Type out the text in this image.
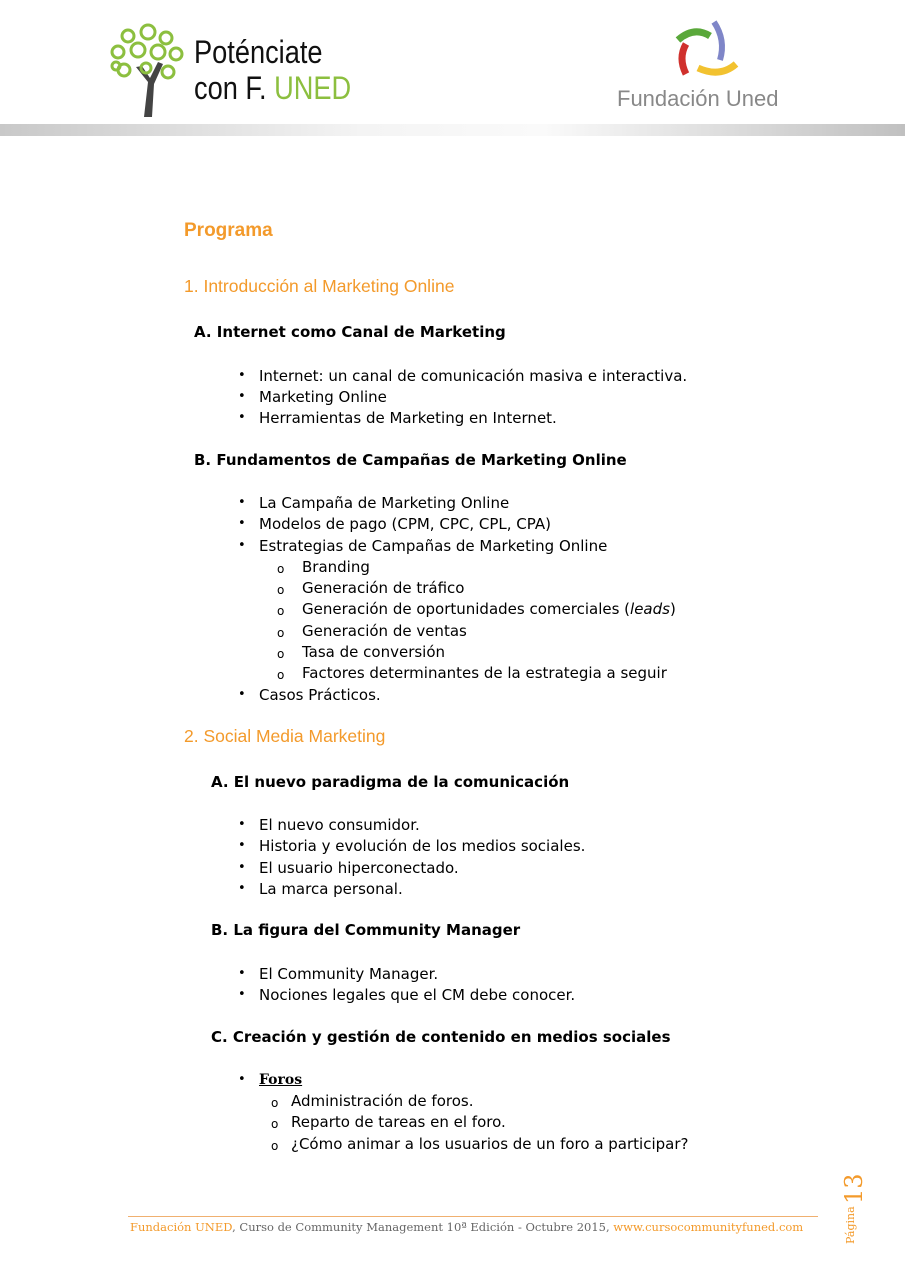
Poténciate
con F. UNED	Fundación Uned
Programa
1. Introducción al Marketing Online
A. Internet como Canal de Marketing
Internet: un canal de comunicación masiva e interactiva.
Marketing Online
Herramientas de Marketing en Internet.
B. Fundamentos de Campañas de Marketing Online
La Campaña de Marketing Online
Modelos de pago (CPM, CPC, CPL, CPA)
Estrategias de Campañas de Marketing Online
Branding
Generación de tráfico
Generación de oportunidades comerciales (leads)
Generación de ventas
Tasa de conversión
Factores determinantes de la estrategia a seguir
Casos Prácticos.
2. Social Media Marketing
A. El nuevo paradigma de la comunicación
El nuevo consumidor.
Historia y evolución de los medios sociales.
El usuario hiperconectado.
La marca personal.
B. La figura del Community Manager
El Community Manager.
Nociones legales que el CM debe conocer.
C. Creación y gestión de contenido en medios sociales
Foros
Administración de foros.
Reparto de tareas en el foro.
¿Cómo animar a los usuarios de un foro a participar?
•
•
•
•
•
•
•
•
•
•
•
•
•
•
o
o
o
o
o
o
o
o
o
Fundación UNED, Curso de Community Management 10ª Edición - Octubre 2015, www.cursocommunityfuned.com	Página
13
